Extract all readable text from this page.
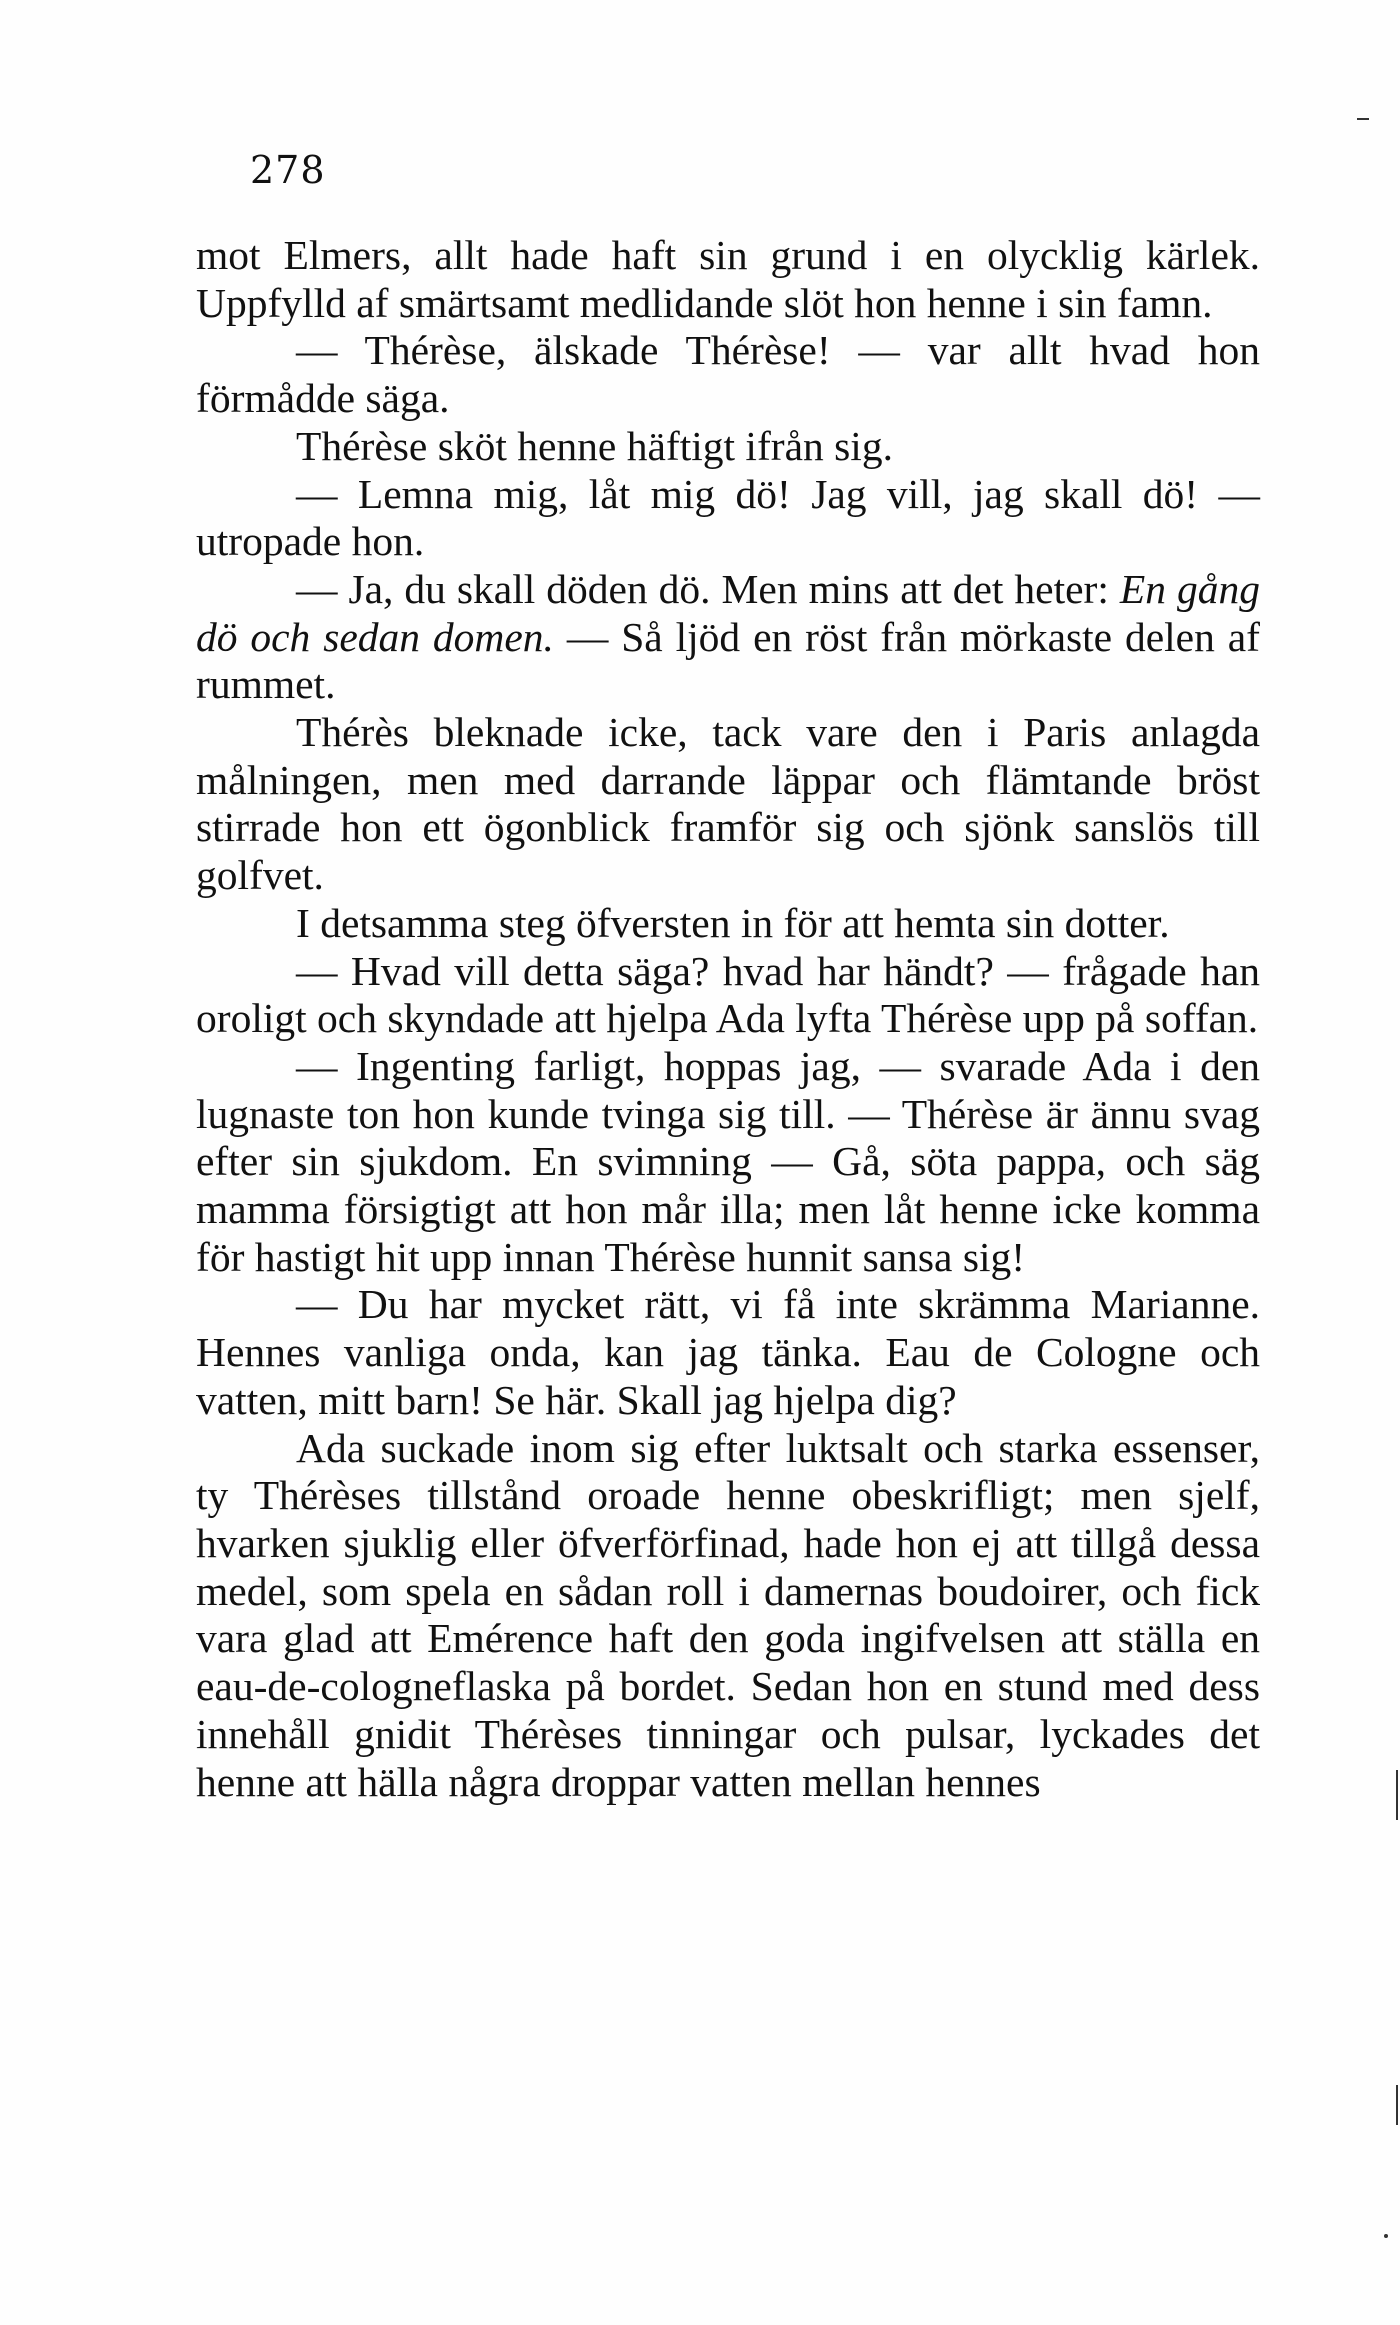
278

mot Elmers, allt hade haft sin grund i en olycklig kärlek. Uppfylld af smärtsamt medlidande slöt hon henne i sin famn.

— Thérèse, älskade Thérèse! — var allt hvad hon förmådde säga.

Thérèse sköt henne häftigt ifrån sig.

— Lemna mig, låt mig dö! Jag vill, jag skall dö! — utropade hon.

— Ja, du skall döden dö. Men mins att det heter: En gång dö och sedan domen. — Så ljöd en röst från mörkaste delen af rummet.

Thérès bleknade icke, tack vare den i Paris anlagda målningen, men med darrande läppar och flämtande bröst stirrade hon ett ögonblick framför sig och sjönk sanslös till golfvet.

I detsamma steg öfversten in för att hemta sin dotter.

— Hvad vill detta säga? hvad har händt? — frågade han oroligt och skyndade att hjelpa Ada lyfta Thérèse upp på soffan.

— Ingenting farligt, hoppas jag, — svarade Ada i den lugnaste ton hon kunde tvinga sig till. — Thérèse är ännu svag efter sin sjukdom. En svimning — Gå, söta pappa, och säg mamma försigtigt att hon mår illa; men låt henne icke komma för hastigt hit upp innan Thérèse hunnit sansa sig!

— Du har mycket rätt, vi få inte skrämma Marianne. Hennes vanliga onda, kan jag tänka. Eau de Cologne och vatten, mitt barn! Se här. Skall jag hjelpa dig?

Ada suckade inom sig efter luktsalt och starka essenser, ty Thérèses tillstånd oroade henne obeskrifligt; men sjelf, hvarken sjuklig eller öfverförfinad, hade hon ej att tillgå dessa medel, som spela en sådan roll i damernas boudoirer, och fick vara glad att Emérence haft den goda ingifvelsen att ställa en eau-de-cologneflaska på bordet. Sedan hon en stund med dess innehåll gnidit Thérèses tinningar och pulsar, lyckades det henne att hälla några droppar vatten mellan hennes
